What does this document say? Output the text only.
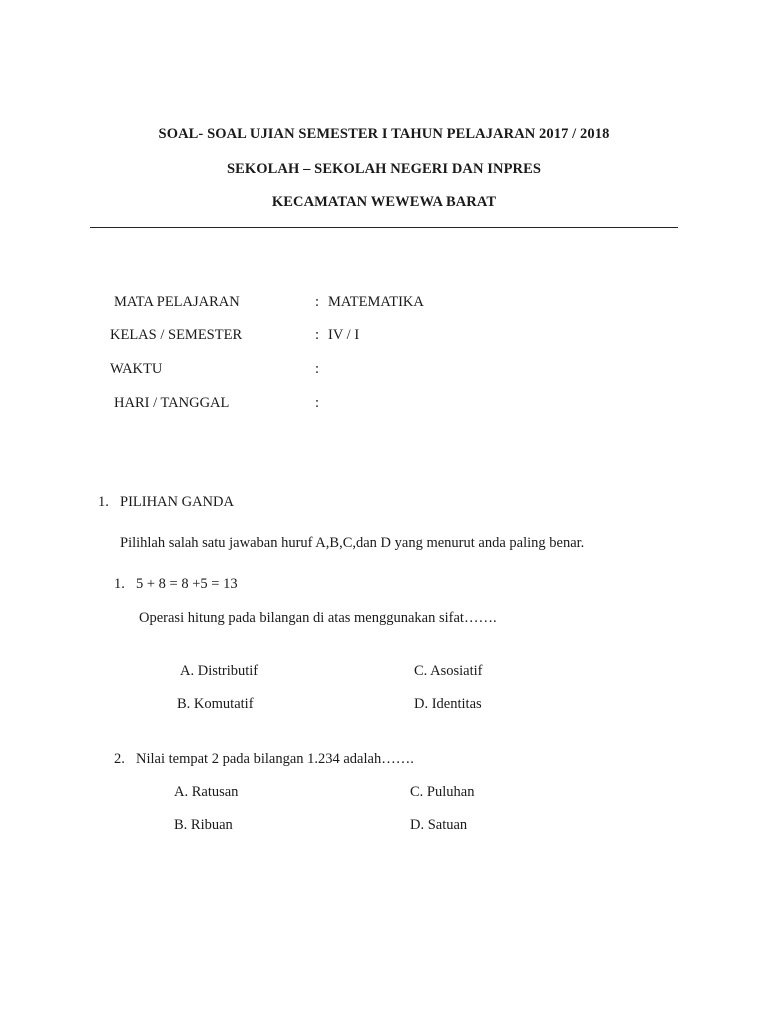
SOAL- SOAL UJIAN SEMESTER I TAHUN PELAJARAN 2017 / 2018
SEKOLAH – SEKOLAH NEGERI DAN INPRES
KECAMATAN WEWEWA BARAT
MATA PELAJARAN	: MATEMATIKA
KELAS / SEMESTER	: IV / I
WAKTU	:
HARI / TANGGAL	:
1. PILIHAN GANDA
Pilihlah salah satu jawaban huruf A,B,C,dan D yang menurut anda paling benar.
1. 5 + 8 = 8 +5 = 13
Operasi hitung pada bilangan di atas menggunakan sifat…….
A. Distributif	C. Asosiatif
B. Komutatif	D. Identitas
2. Nilai tempat 2 pada bilangan 1.234 adalah…….
A. Ratusan	C. Puluhan
B. Ribuan	D. Satuan
